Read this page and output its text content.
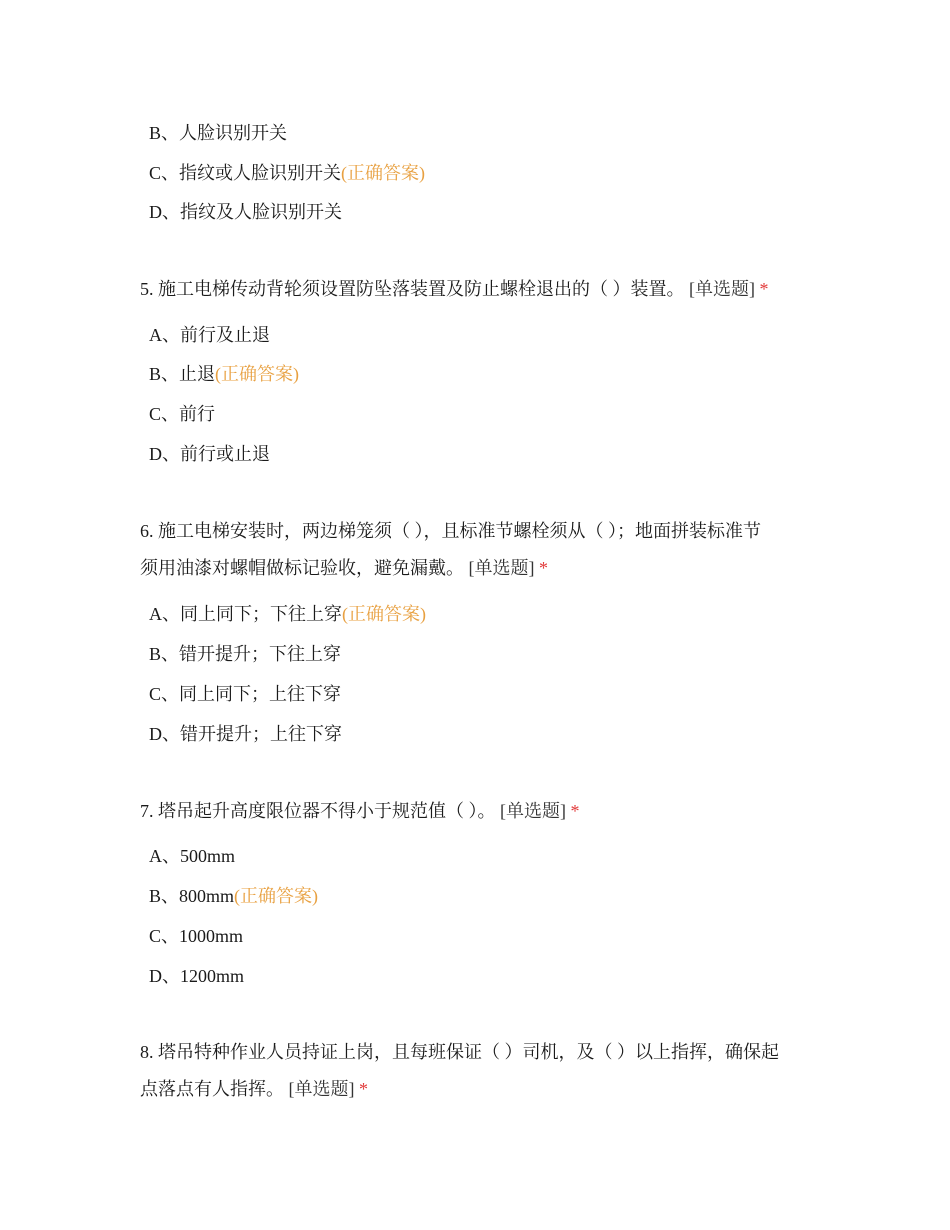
B、人脸识别开关
C、指纹或人脸识别开关(正确答案)
D、指纹及人脸识别开关
5. 施工电梯传动背轮须设置防坠落装置及防止螺栓退出的（ ）装置。 [单选题] *
A、前行及止退
B、止退(正确答案)
C、前行
D、前行或止退
6. 施工电梯安装时，两边梯笼须（ ），且标准节螺栓须从（ ）；地面拼装标准节
须用油漆对螺帽做标记验收，避免漏戴。 [单选题] *
A、同上同下；下往上穿(正确答案)
B、错开提升；下往上穿
C、同上同下；上往下穿
D、错开提升；上往下穿
7. 塔吊起升高度限位器不得小于规范值（ ）。 [单选题] *
A、500mm
B、800mm(正确答案)
C、1000mm
D、1200mm
8. 塔吊特种作业人员持证上岗，且每班保证（ ）司机，及（ ）以上指挥，确保起
点落点有人指挥。 [单选题] *
